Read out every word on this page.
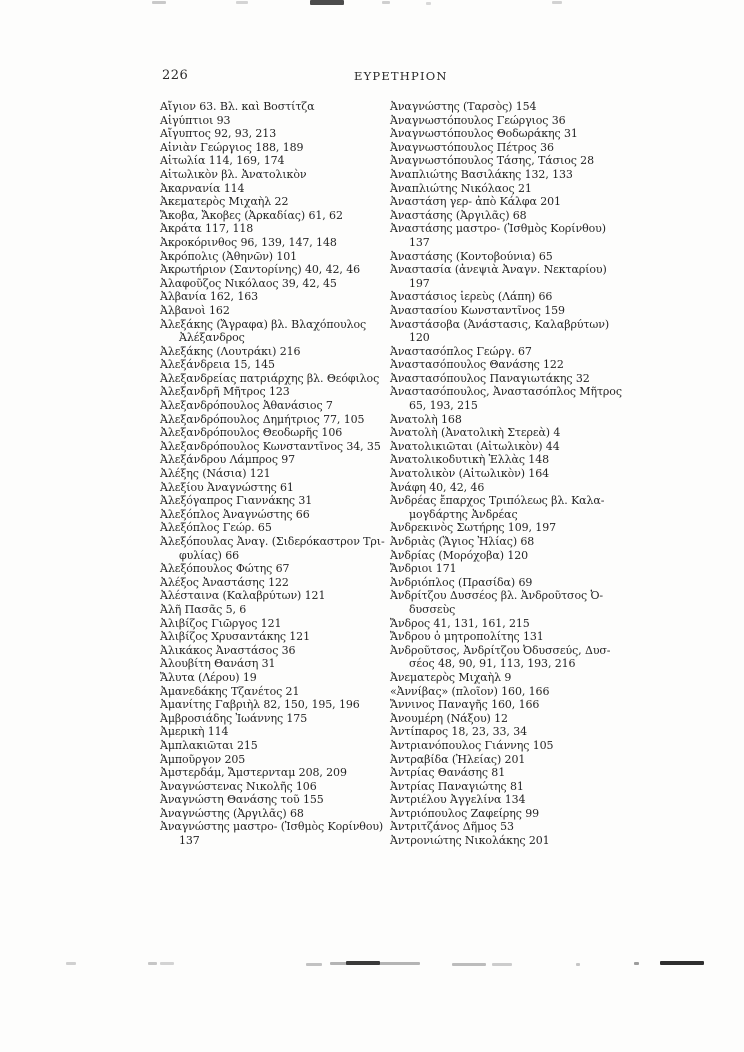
226	ΕΥΡΕΤΗΡΙΟΝ
Αἴγιον 63. Βλ. καὶ Βοστίτζα
Αἰγύπτιοι 93
Αἴγυπτος 92, 93, 213
Αἰνιὰν Γεώργιος 188, 189
Αἰτωλία 114, 169, 174
Αἰτωλικὸν βλ. Ἀνατολικὸν
Ἀκαρνανία 114
Ἀκεματερὸς Μιχαὴλ 22
Ἄκοβα, Ἄκοβες (Ἀρκαδίας) 61, 62
Ἀκράτα 117, 118
Ἀκροκόρινθος 96, 139, 147, 148
Ἀκρόπολις (Ἀθηνῶν) 101
Ἀκρωτήριον (Σαντορίνης) 40, 42, 46
Ἀλαφοῦζος Νικόλαος 39, 42, 45
Ἀλβανία 162, 163
Ἀλβανοὶ 162
Ἀλεξάκης (Ἄγραφα) βλ. Βλαχόπουλος
Ἀλέξανδρος
Ἀλεξάκης (Λουτράκι) 216
Ἀλεξάνδρεια 15, 145
Ἀλεξανδρείας πατριάρχης βλ. Θεόφιλος
Ἀλεξανδρῆ Μῆτρος 123
Ἀλεξανδρόπουλος Ἀθανάσιος 7
Ἀλεξανδρόπουλος Δημήτριος 77, 105
Ἀλεξανδρόπουλος Θεοδωρῆς 106
Ἀλεξανδρόπουλος Κωνσταντῖνος 34, 35
Ἀλεξάνδρου Λάμπρος 97
Ἀλέξης (Νάσια) 121
Ἀλεξίου Ἀναγνώστης 61
Ἀλεξόγαπρος Γιαννάκης 31
Ἀλεξόπλος Ἀναγνώστης 66
Ἀλεξόπλος Γεώρ. 65
Ἀλεξόπουλας Ἀναγ. (Σιδερόκαστρον Τρι-
φυλίας) 66
Ἀλεξόπουλος Φώτης 67
Ἀλέξος Ἀναστάσης 122
Ἀλέσταινα (Καλαβρύτων) 121
Ἀλῆ Πασᾶς 5, 6
Ἀλιβίζος Γιῶργος 121
Ἀλιβίζος Χρυσαντάκης 121
Ἀλικάκος Ἀναστάσος 36
Ἀλουβίτη Θανάση 31
Ἄλυτα (Λέρου) 19
Ἀμανεδάκης Τζανέτος 21
Ἀμανίτης Γαβριὴλ 82, 150, 195, 196
Ἀμβροσιάδης Ἰωάννης 175
Ἀμερικὴ 114
Ἀμπλακιῶται 215
Ἁμποῦργον 205
Ἀμστερδάμ, Ἄμστερνταμ 208, 209
Ἀναγνώστενας Νικολῆς 106
Ἀναγνώστη Θανάσης τοῦ 155
Ἀναγνώστης (Ἀργιλᾶς) 68
Ἀναγνώστης μαστρο- (Ἰσθμὸς Κορίνθου)
137
Ἀναγνώστης (Ταρσὸς) 154
Ἀναγνωστόπουλος Γεώργιος 36
Ἀναγνωστόπουλος Θοδωράκης 31
Ἀναγνωστόπουλος Πέτρος 36
Ἀναγνωστόπουλος Τάσης, Τάσιος 28
Ἀναπλιώτης Βασιλάκης 132, 133
Ἀναπλιώτης Νικόλαος 21
Ἀναστάση γερ- ἀπὸ Κάλφα 201
Ἀναστάσης (Ἀργιλᾶς) 68
Ἀναστάσης μαστρο- (Ἰσθμὸς Κορίνθου)
137
Ἀναστάσης (Κοντοβούνια) 65
Ἀναστασία (ἀνεψιὰ Ἀναγν. Νεκταρίου)
197
Ἀναστάσιος ἱερεὺς (Λάπη) 66
Ἀναστασίου Κωνσταντῖνος 159
Ἀναστάσοβα (Ἀνάστασις, Καλαβρύτων)
120
Ἀναστασόπλος Γεώργ. 67
Ἀναστασόπουλος Θανάσης 122
Ἀναστασόπουλος Παναγιωτάκης 32
Ἀναστασόπουλος, Ἀναστασόπλος Μῆτρος
65, 193, 215
Ἀνατολὴ 168
Ἀνατολὴ (Ἀνατολικὴ Στερεὰ) 4
Ἀνατολικιῶται (Αἰτωλικὸν) 44
Ἀνατολικοδυτικὴ Ἑλλὰς 148
Ἀνατολικὸν (Αἰτωλικὸν) 164
Ἀνάφη 40, 42, 46
Ἀνδρέας ἔπαρχος Τριπόλεως βλ. Καλα-
μογδάρτης Ἀνδρέας
Ἀνδρεκινὸς Σωτήρης 109, 197
Ἀνδριὰς (Ἅγιος Ἠλίας) 68
Ἀνδρίας (Μορόχοβα) 120
Ἄνδριοι 171
Ἀνδριόπλος (Πρασίδα) 69
Ἀνδρίτζου Δυσσέος βλ. Ἀνδροῦτσος Ὀ-
δυσσεὺς
Ἄνδρος 41, 131, 161, 215
Ἄνδρου ὁ μητροπολίτης 131
Ἀνδροῦτσος, Ἀνδρίτζου Ὀδυσσεύς, Δυσ-
σέος 48, 90, 91, 113, 193, 216
Ἀνεματερὸς Μιχαὴλ 9
«Ἀννίβας» (πλοῖον) 160, 166
Ἄννινος Παναγῆς 160, 166
Ἀνουμέρη (Νάξου) 12
Ἀντίπαρος 18, 23, 33, 34
Ἀντριανόπουλος Γιάννης 105
Ἀντραβίδα (Ἠλείας) 201
Ἀντρίας Θανάσης 81
Ἀντρίας Παναγιώτης 81
Ἀντριέλου Ἀγγελίνα 134
Ἀντριόπουλος Ζαφείρης 99
Ἀντριτζάνος Δῆμος 53
Ἀντρονιώτης Νικολάκης 201
